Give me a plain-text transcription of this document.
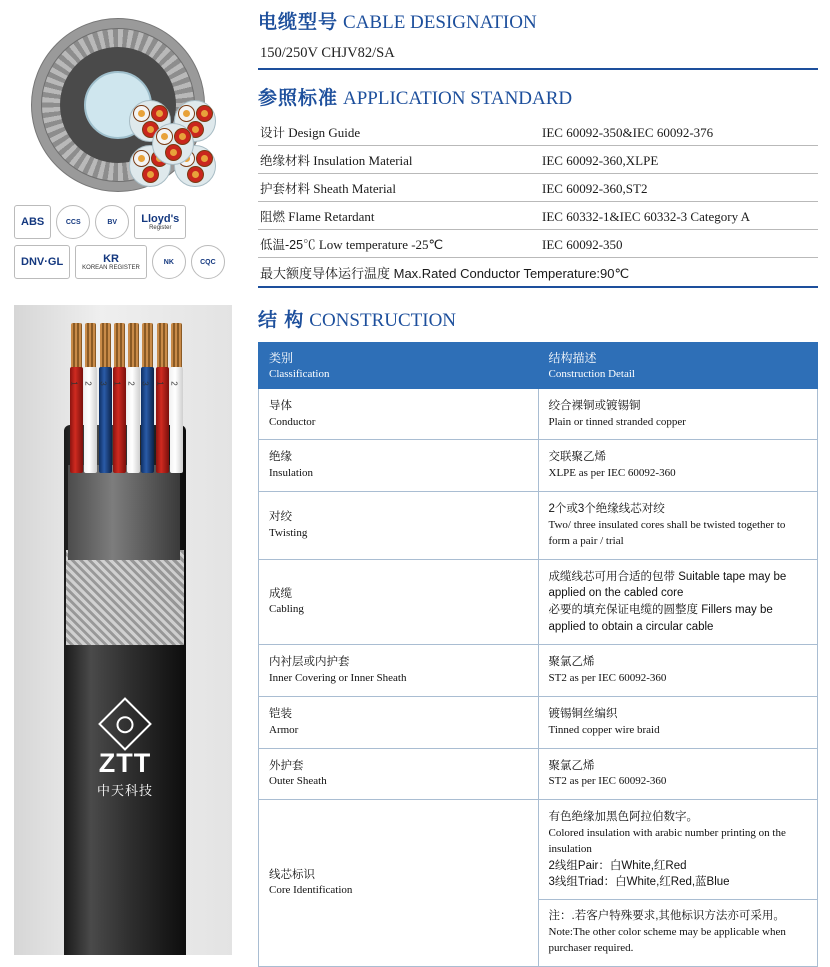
ABS	CCS	BV Lloyd's
Register
DNV·GL	KR
KOREAN REGISTER
NK	CQC
1 2 3 1 2 3 1 2
ZTT
中天科技
电缆型号 CABLE DESIGNATION
150/250V CHJV82/SA
参照标准 APPLICATION STANDARD
设计 Design Guide	IEC 60092-350&IEC 60092-376
绝缘材料 Insulation Material	IEC 60092-360,XLPE
护套材料 Sheath Material	IEC 60092-360,ST2
阻燃 Flame Retardant	IEC 60332-1&IEC 60332-3 Category A
低温-25℃ Low temperature -25℃	IEC 60092-350
最大额度导体运行温度 Max.Rated Conductor Temperature:90℃	
结 构 CONSTRUCTION
类别
Classification	结构描述
Construction Detail

导体
Conductor	绞合裸铜或镀锡铜
Plain or tinned stranded copper

绝缘
Insulation	交联聚乙烯
XLPE as per IEC 60092-360

对绞
Twisting	2个或3个绝缘线芯对绞
Two/ three insulated cores shall be twisted together to form a pair / trial

成缆
Cabling	成缆线芯可用合适的包带 Suitable tape may be applied on the cabled core
必要的填充保证电缆的圆整度 Fillers may be applied to obtain a circular cable

内衬层或内护套
Inner Covering or Inner Sheath	聚氯乙烯
ST2 as per IEC 60092-360

铠装
Armor	镀锡铜丝编织
Tinned copper wire braid

外护套
Outer Sheath	聚氯乙烯
ST2 as per IEC 60092-360

线芯标识
Core Identification

有色绝缘加黑色阿拉伯数字。
Colored insulation with arabic number printing on the insulation
2线组Pair：白White,红Red
3线组Triad：白White,红Red,蓝Blue
注：.若客户特殊要求,其他标识方法亦可采用。
Note:The other color scheme may be applicable when purchaser required.
